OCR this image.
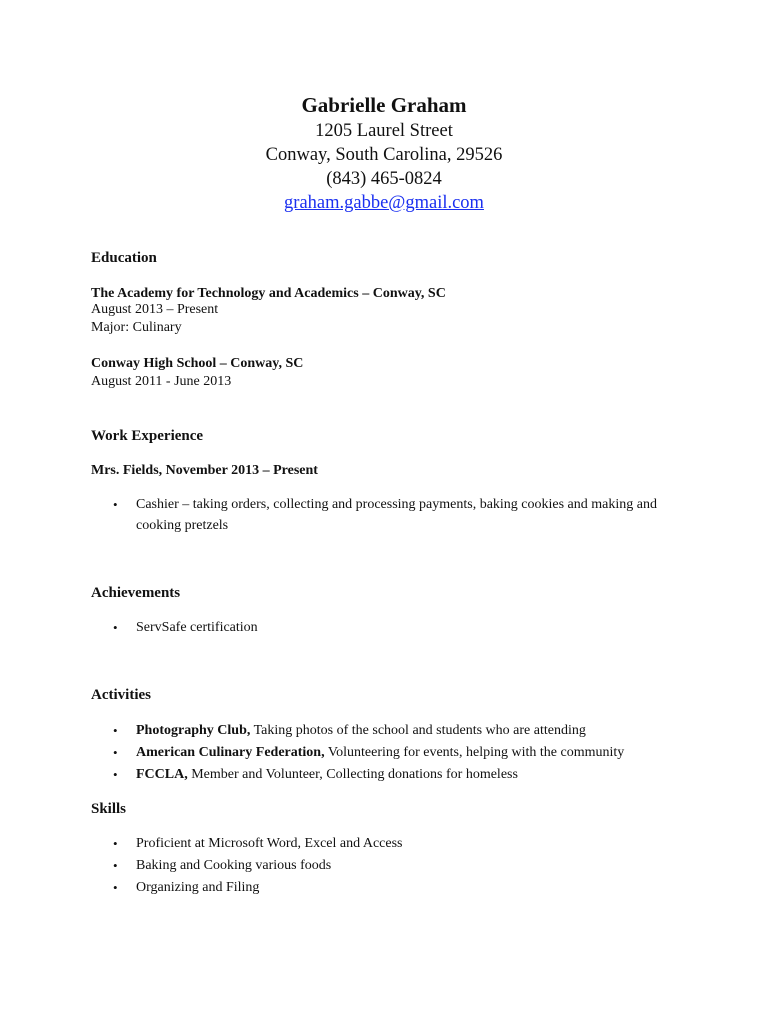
Gabrielle Graham
1205 Laurel Street
Conway, South Carolina, 29526
(843) 465-0824
graham.gabbe@gmail.com
Education
The Academy for Technology and Academics – Conway, SC
August 2013 – Present
Major: Culinary
Conway High School – Conway, SC
August 2011 - June 2013
Work Experience
Mrs. Fields, November 2013 – Present
• Cashier – taking orders, collecting and processing payments, baking cookies and making and cooking pretzels
Achievements
• ServSafe certification
Activities
• Photography Club, Taking photos of the school and students who are attending
• American Culinary Federation, Volunteering for events, helping with the community
• FCCLA, Member and Volunteer, Collecting donations for homeless
Skills
• Proficient at Microsoft Word, Excel and Access
• Baking and Cooking various foods
• Organizing and Filing
